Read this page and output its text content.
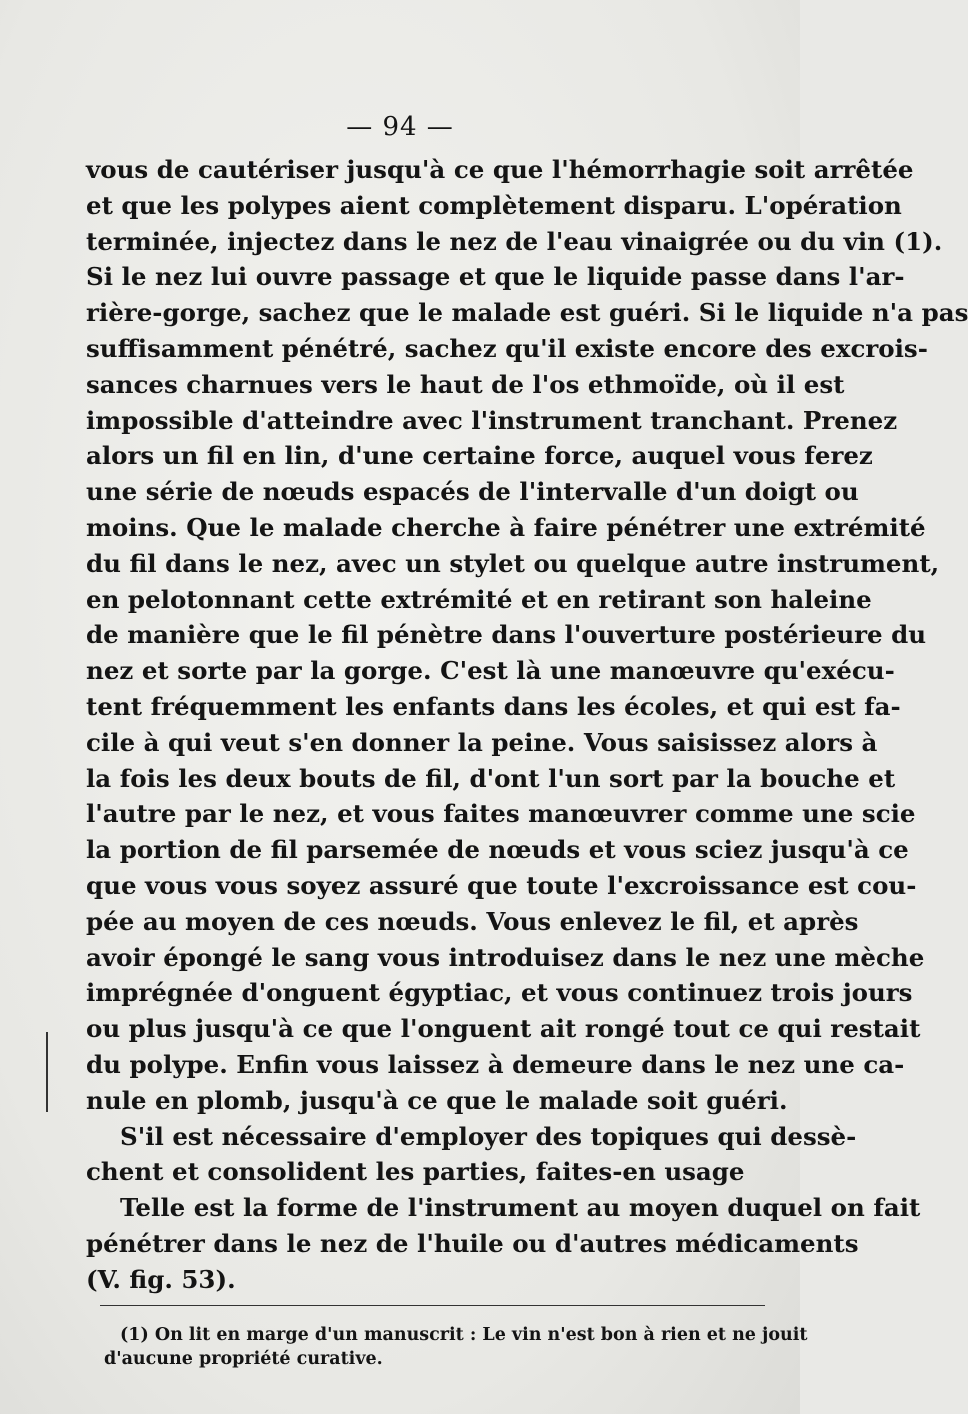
— 94 —
vous de cautériser jusqu'à ce que l'hémorrhagie soit arrêtée
et que les polypes aient complètement disparu. L'opération
terminée, injectez dans le nez de l'eau vinaigrée ou du vin (1).
Si le nez lui ouvre passage et que le liquide passe dans l'ar-
rière-gorge, sachez que le malade est guéri. Si le liquide n'a pas
suffisamment pénétré, sachez qu'il existe encore des excrois-
sances charnues vers le haut de l'os ethmoïde, où il est
impossible d'atteindre avec l'instrument tranchant. Prenez
alors un fil en lin, d'une certaine force, auquel vous ferez
une série de nœuds espacés de l'intervalle d'un doigt ou
moins. Que le malade cherche à faire pénétrer une extrémité
du fil dans le nez, avec un stylet ou quelque autre instrument,
en pelotonnant cette extrémité et en retirant son haleine
de manière que le fil pénètre dans l'ouverture postérieure du
nez et sorte par la gorge. C'est là une manœuvre qu'exécu-
tent fréquemment les enfants dans les écoles, et qui est fa-
cile à qui veut s'en donner la peine. Vous saisissez alors à
la fois les deux bouts de fil, d'ont l'un sort par la bouche et
l'autre par le nez, et vous faites manœuvrer comme une scie
la portion de fil parsemée de nœuds et vous sciez jusqu'à ce
que vous vous soyez assuré que toute l'excroissance est cou-
pée au moyen de ces nœuds. Vous enlevez le fil, et après
avoir épongé le sang vous introduisez dans le nez une mèche
imprégnée d'onguent égyptiac, et vous continuez trois jours
ou plus jusqu'à ce que l'onguent ait rongé tout ce qui restait
du polype. Enfin vous laissez à demeure dans le nez une ca-
nule en plomb, jusqu'à ce que le malade soit guéri.
S'il est nécessaire d'employer des topiques qui dessè-
chent et consolident les parties, faites-en usage
Telle est la forme de l'instrument au moyen duquel on fait
pénétrer dans le nez de l'huile ou d'autres médicaments
(V. fig. 53).
(1) On lit en marge d'un manuscrit : Le vin n'est bon à rien et ne jouit
d'aucune propriété curative.
